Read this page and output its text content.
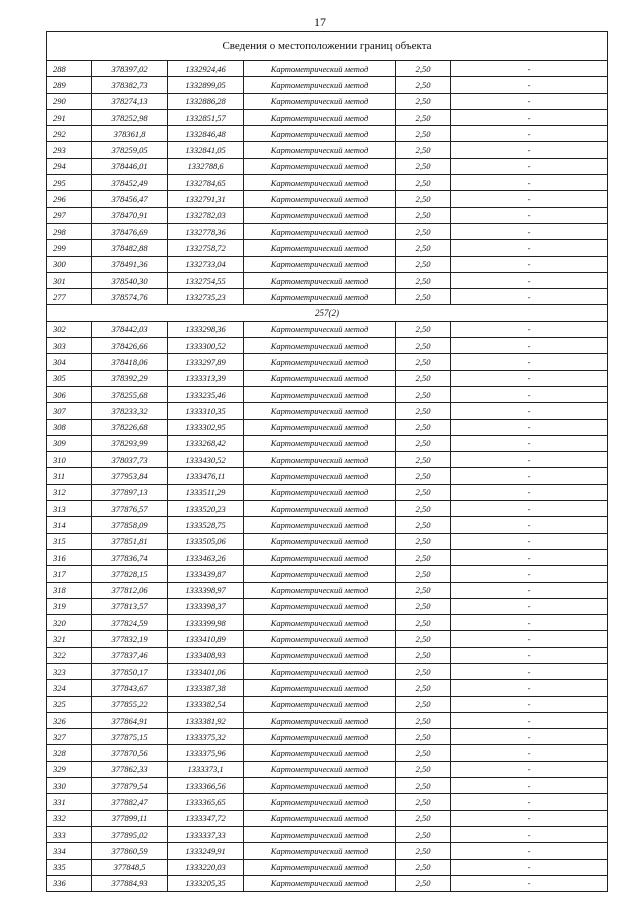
17
Сведения о местоположении границ объекта					
288	378397,02	1332924,46	Картометрический метод	2,50	-
289	378382,73	1332899,05	Картометрический метод	2,50	-
290	378274,13	1332886,28	Картометрический метод	2,50	-
291	378252,98	1332851,57	Картометрический метод	2,50	-
292	378361,8	1332846,48	Картометрический метод	2,50	-
293	378259,05	1332841,05	Картометрический метод	2,50	-
294	378446,01	1332788,6	Картометрический метод	2,50	-
295	378452,49	1332784,65	Картометрический метод	2,50	-
296	378456,47	1332791,31	Картометрический метод	2,50	-
297	378470,91	1332782,03	Картометрический метод	2,50	-
298	378476,69	1332778,36	Картометрический метод	2,50	-
299	378482,88	1332758,72	Картометрический метод	2,50	-
300	378491,36	1332733,04	Картометрический метод	2,50	-
301	378540,30	1332754,55	Картометрический метод	2,50	-
277	378574,76	1332735,23	Картометрический метод	2,50	-
257(2)					
302	378442,03	1333298,36	Картометрический метод	2,50	-
303	378426,66	1333300,52	Картометрический метод	2,50	-
304	378418,06	1333297,89	Картометрический метод	2,50	-
305	378392,29	1333313,39	Картометрический метод	2,50	-
306	378255,68	1333235,46	Картометрический метод	2,50	-
307	378233,32	1333310,35	Картометрический метод	2,50	-
308	378226,68	1333302,95	Картометрический метод	2,50	-
309	378293,99	1333268,42	Картометрический метод	2,50	-
310	378037,73	1333430,52	Картометрический метод	2,50	-
311	377953,84	1333476,11	Картометрический метод	2,50	-
312	377897,13	1333511,29	Картометрический метод	2,50	-
313	377876,57	1333520,23	Картометрический метод	2,50	-
314	377858,09	1333528,75	Картометрический метод	2,50	-
315	377851,81	1333505,06	Картометрический метод	2,50	-
316	377836,74	1333463,26	Картометрический метод	2,50	-
317	377828,15	1333439,87	Картометрический метод	2,50	-
318	377812,06	1333398,97	Картометрический метод	2,50	-
319	377813,57	1333398,37	Картометрический метод	2,50	-
320	377824,59	1333399,98	Картометрический метод	2,50	-
321	377832,19	1333410,89	Картометрический метод	2,50	-
322	377837,46	1333408,93	Картометрический метод	2,50	-
323	377850,17	1333401,06	Картометрический метод	2,50	-
324	377843,67	1333387,38	Картометрический метод	2,50	-
325	377855,22	1333382,54	Картометрический метод	2,50	-
326	377864,91	1333381,92	Картометрический метод	2,50	-
327	377875,15	1333375,32	Картометрический метод	2,50	-
328	377870,56	1333375,96	Картометрический метод	2,50	-
329	377862,33	1333373,1	Картометрический метод	2,50	-
330	377879,54	1333366,56	Картометрический метод	2,50	-
331	377882,47	1333365,65	Картометрический метод	2,50	-
332	377899,11	1333347,72	Картометрический метод	2,50	-
333	377895,02	1333337,33	Картометрический метод	2,50	-
334	377860,59	1333249,91	Картометрический метод	2,50	-
335	377848,5	1333220,03	Картометрический метод	2,50	-
336	377884,93	1333205,35	Картометрический метод	2,50	-
